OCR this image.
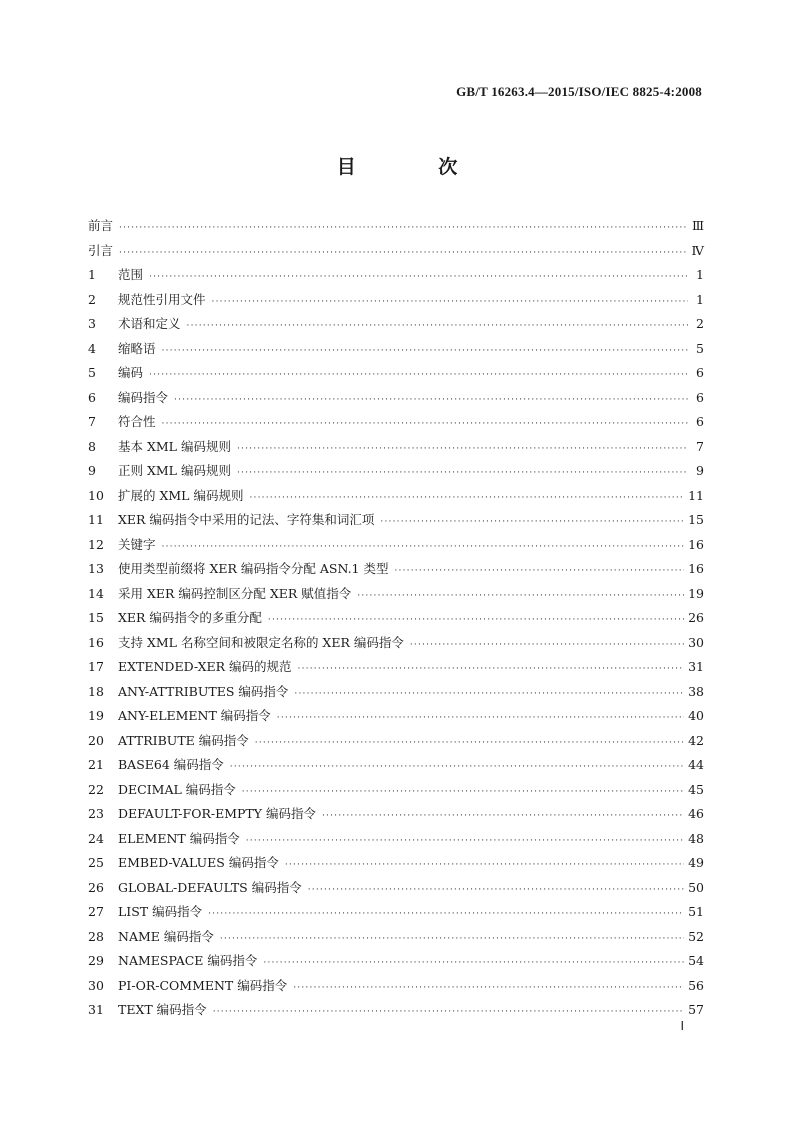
GB/T 16263.4—2015/ISO/IEC 8825-4:2008
目 次
前言 ·····	Ⅲ
引言 ·····	Ⅳ
1	范围 ·····	1
2	规范性引用文件 ·····	1
3	术语和定义 ·····	2
4	缩略语 ·····	5
5	编码 ·····	6
6	编码指令 ·····	6
7	符合性 ·····	6
8	基本 XML 编码规则 ·····	7
9	正则 XML 编码规则 ·····	9
10	扩展的 XML 编码规则 ·····	11
11	XER 编码指令中采用的记法、字符集和词汇项 ·····	15
12	关键字 ·····	16
13	使用类型前缀将 XER 编码指令分配 ASN.1 类型 ·····	16
14	采用 XER 编码控制区分配 XER 赋值指令 ·····	19
15	XER 编码指令的多重分配 ·····	26
16	支持 XML 名称空间和被限定名称的 XER 编码指令 ·····	30
17	EXTENDED-XER 编码的规范 ·····	31
18	ANY-ATTRIBUTES 编码指令 ·····	38
19	ANY-ELEMENT 编码指令 ·····	40
20	ATTRIBUTE 编码指令 ·····	42
21	BASE64 编码指令 ·····	44
22	DECIMAL 编码指令 ·····	45
23	DEFAULT-FOR-EMPTY 编码指令 ·····	46
24	ELEMENT 编码指令 ·····	48
25	EMBED-VALUES 编码指令 ·····	49
26	GLOBAL-DEFAULTS 编码指令 ·····	50
27	LIST 编码指令 ·····	51
28	NAME 编码指令 ·····	52
29	NAMESPACE 编码指令 ·····	54
30	PI-OR-COMMENT 编码指令 ·····	56
31	TEXT 编码指令 ·····	57
Ⅰ
